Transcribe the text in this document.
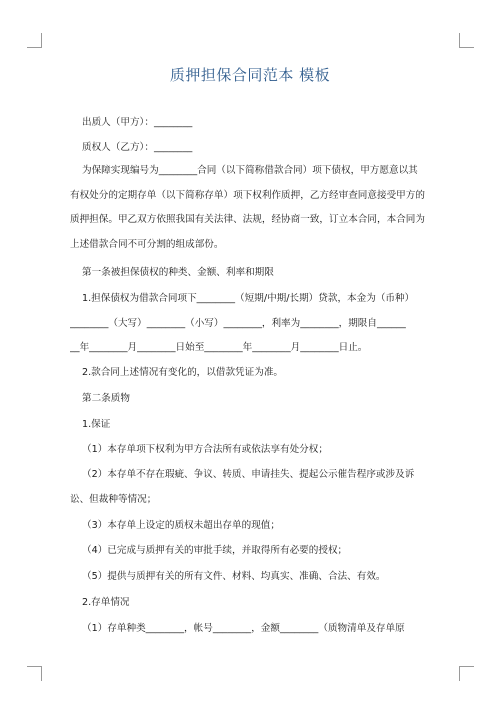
质押担保合同范本 模板

出质人（甲方）：________

质权人（乙方）：________

为保障实现编号为________合同（以下简称借款合同）项下债权，甲方愿意以其

有权处分的定期存单（以下简称存单）项下权利作质押，乙方经审查同意接受甲方的

质押担保。甲乙双方依照我国有关法律、法规，经协商一致，订立本合同，本合同为

上述借款合同不可分割的组成部份。

第一条被担保债权的种类、金额、利率和期限

1.担保债权为借款合同项下________（短期/中期/长期）贷款，本金为（币种）

________（大写）________（小写）________，利率为________，期限自______

__年________月________日始至________年________月________日止。

2.款合同上述情况有变化的，以借款凭证为准。

第二条质物

1.保证

（1）本存单项下权利为甲方合法所有或依法享有处分权；

（2）本存单不存在瑕疵、争议、转质、申请挂失、提起公示催告程序或涉及诉

讼、但裁种等情况；

（3）本存单上设定的质权未超出存单的现值；

（4）已完成与质押有关的审批手续，并取得所有必要的授权；

（5）提供与质押有关的所有文件、材料、均真实、准确、合法、有效。

2.存单情况

（1）存单种类________，帐号________，金额________（质物清单及存单原
